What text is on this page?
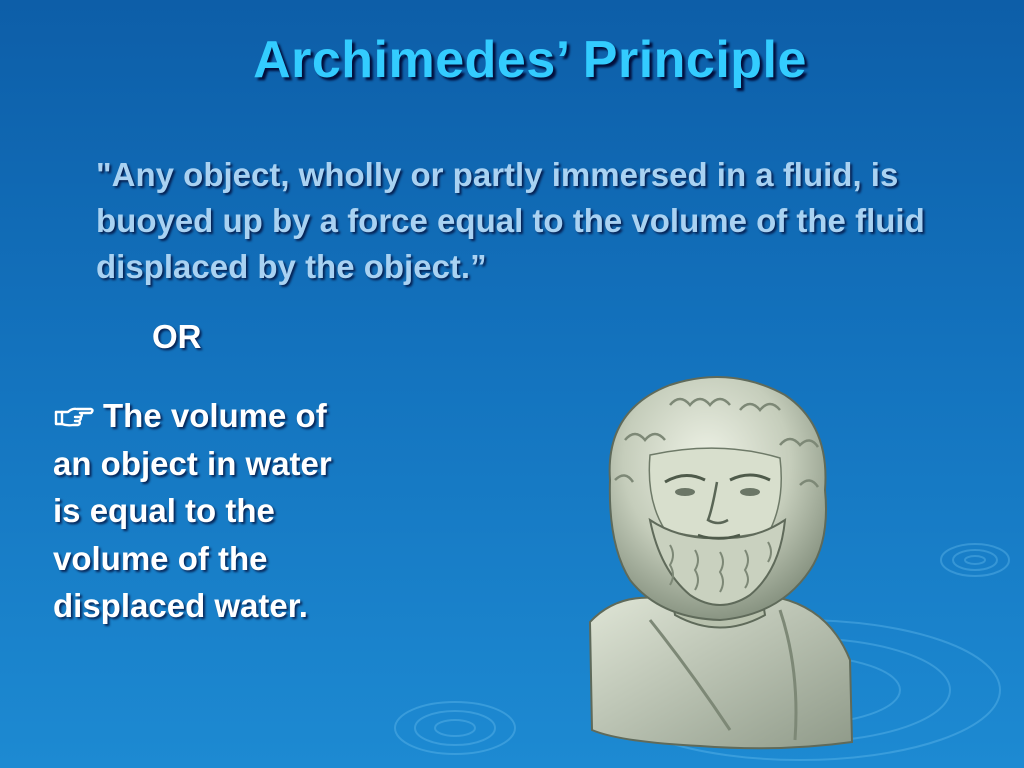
Archimedes’ Principle
"Any object, wholly or partly immersed in a fluid, is buoyed up by a force equal to the volume of the fluid displaced by the object.”
OR
The volume of an object in water is equal to the volume of the displaced water.
